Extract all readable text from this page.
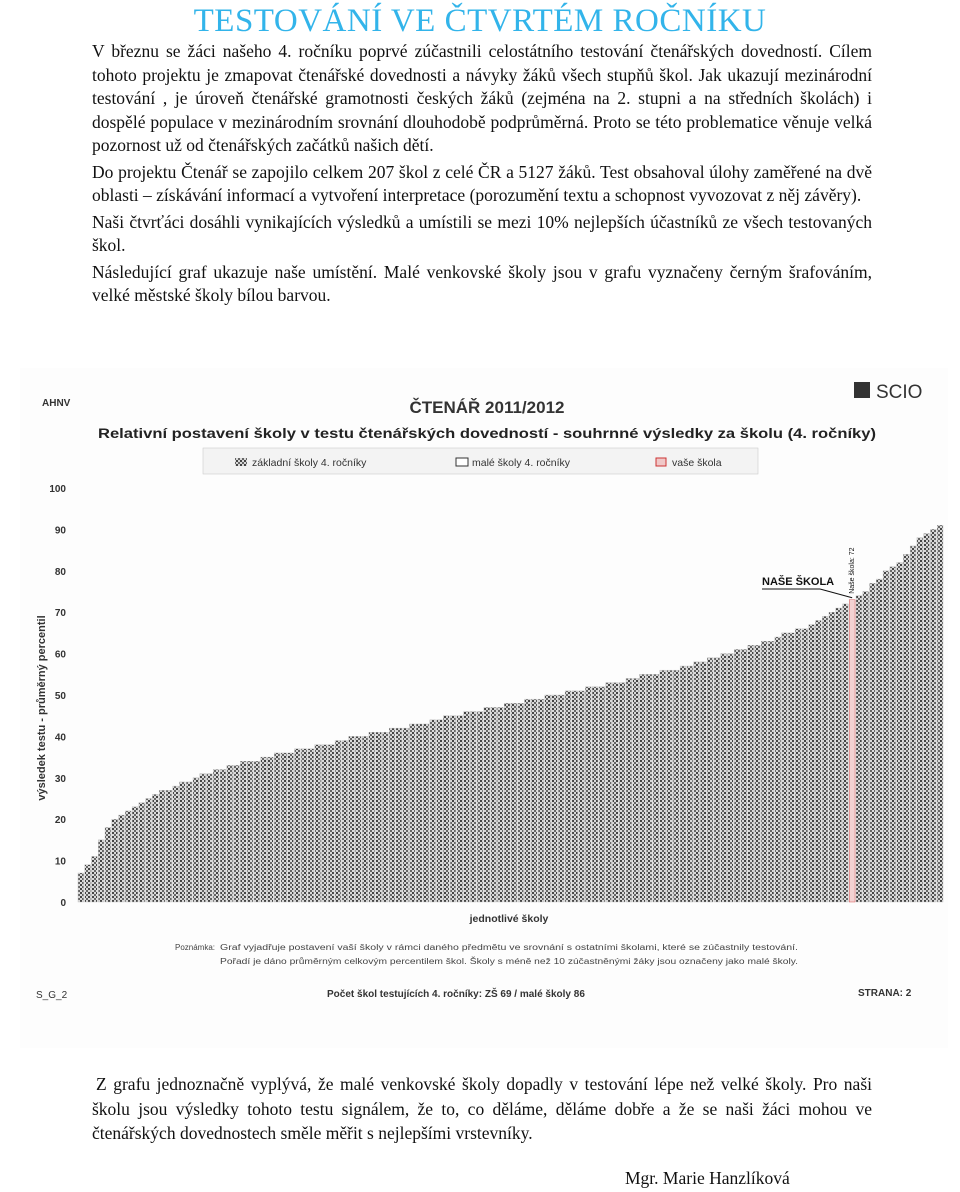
TESTOVÁNÍ VE ČTVRTÉM ROČNÍKU

V březnu se žáci našeho 4. ročníku poprvé zúčastnili celostátního testování čtenářských dovedností. Cílem tohoto projektu je zmapovat čtenářské dovednosti a návyky žáků všech stupňů škol. Jak ukazují mezinárodní testování , je úroveň čtenářské gramotnosti českých žáků (zejména na 2. stupni a na středních školách) i dospělé populace v mezinárodním srovnání dlouhodobě podprůměrná. Proto se této problematice věnuje velká pozornost už od čtenářských začátků našich dětí.

Do projektu Čtenář se zapojilo celkem 207 škol z celé ČR a 5127 žáků. Test obsahoval úlohy zaměřené na dvě oblasti – získávání informací a vytvoření interpretace (porozumění textu a schopnost vyvozovat z něj závěry).

Naši čtvrťáci dosáhli vynikajících výsledků a umístili se mezi 10% nejlepších účastníků ze všech testovaných škol.

Následující graf ukazuje naše umístění. Malé venkovské školy jsou v grafu vyznačeny černým šrafováním, velké městské školy bílou barvou.

AHNV
SCIO
ČTENÁŘ 2011/2012
Relativní postavení školy v testu čtenářských dovedností - souhrnné výsledky za školu (4. ročníky)
základní školy 4. ročníky	malé školy 4. ročníky	vaše škola
výsledek testu - průměrný percentil
0
10
20
30
40
50
60
70
80
90
100
NAŠE ŠKOLA Naše škola: 72
jednotlivé školy
Poznámka: Graf vyjadřuje postavení vaší školy v rámci daného předmětu ve srovnání s ostatními školami, které se zúčastnily testování.
Pořadí je dáno průměrným celkovým percentilem škol. Školy s méně než 10 zúčastněnými žáky jsou označeny jako malé školy.
S_G_2	Počet škol testujících 4. ročníky: ZŠ 69 / malé školy 86	STRANA: 2

Z grafu jednoznačně vyplývá, že malé venkovské školy dopadly v testování lépe než velké školy. Pro naši školu jsou výsledky tohoto testu signálem, že to, co děláme, děláme dobře a že se naši žáci mohou ve čtenářských dovednostech směle měřit s nejlepšími vrstevníky.

Mgr. Marie Hanzlíková
